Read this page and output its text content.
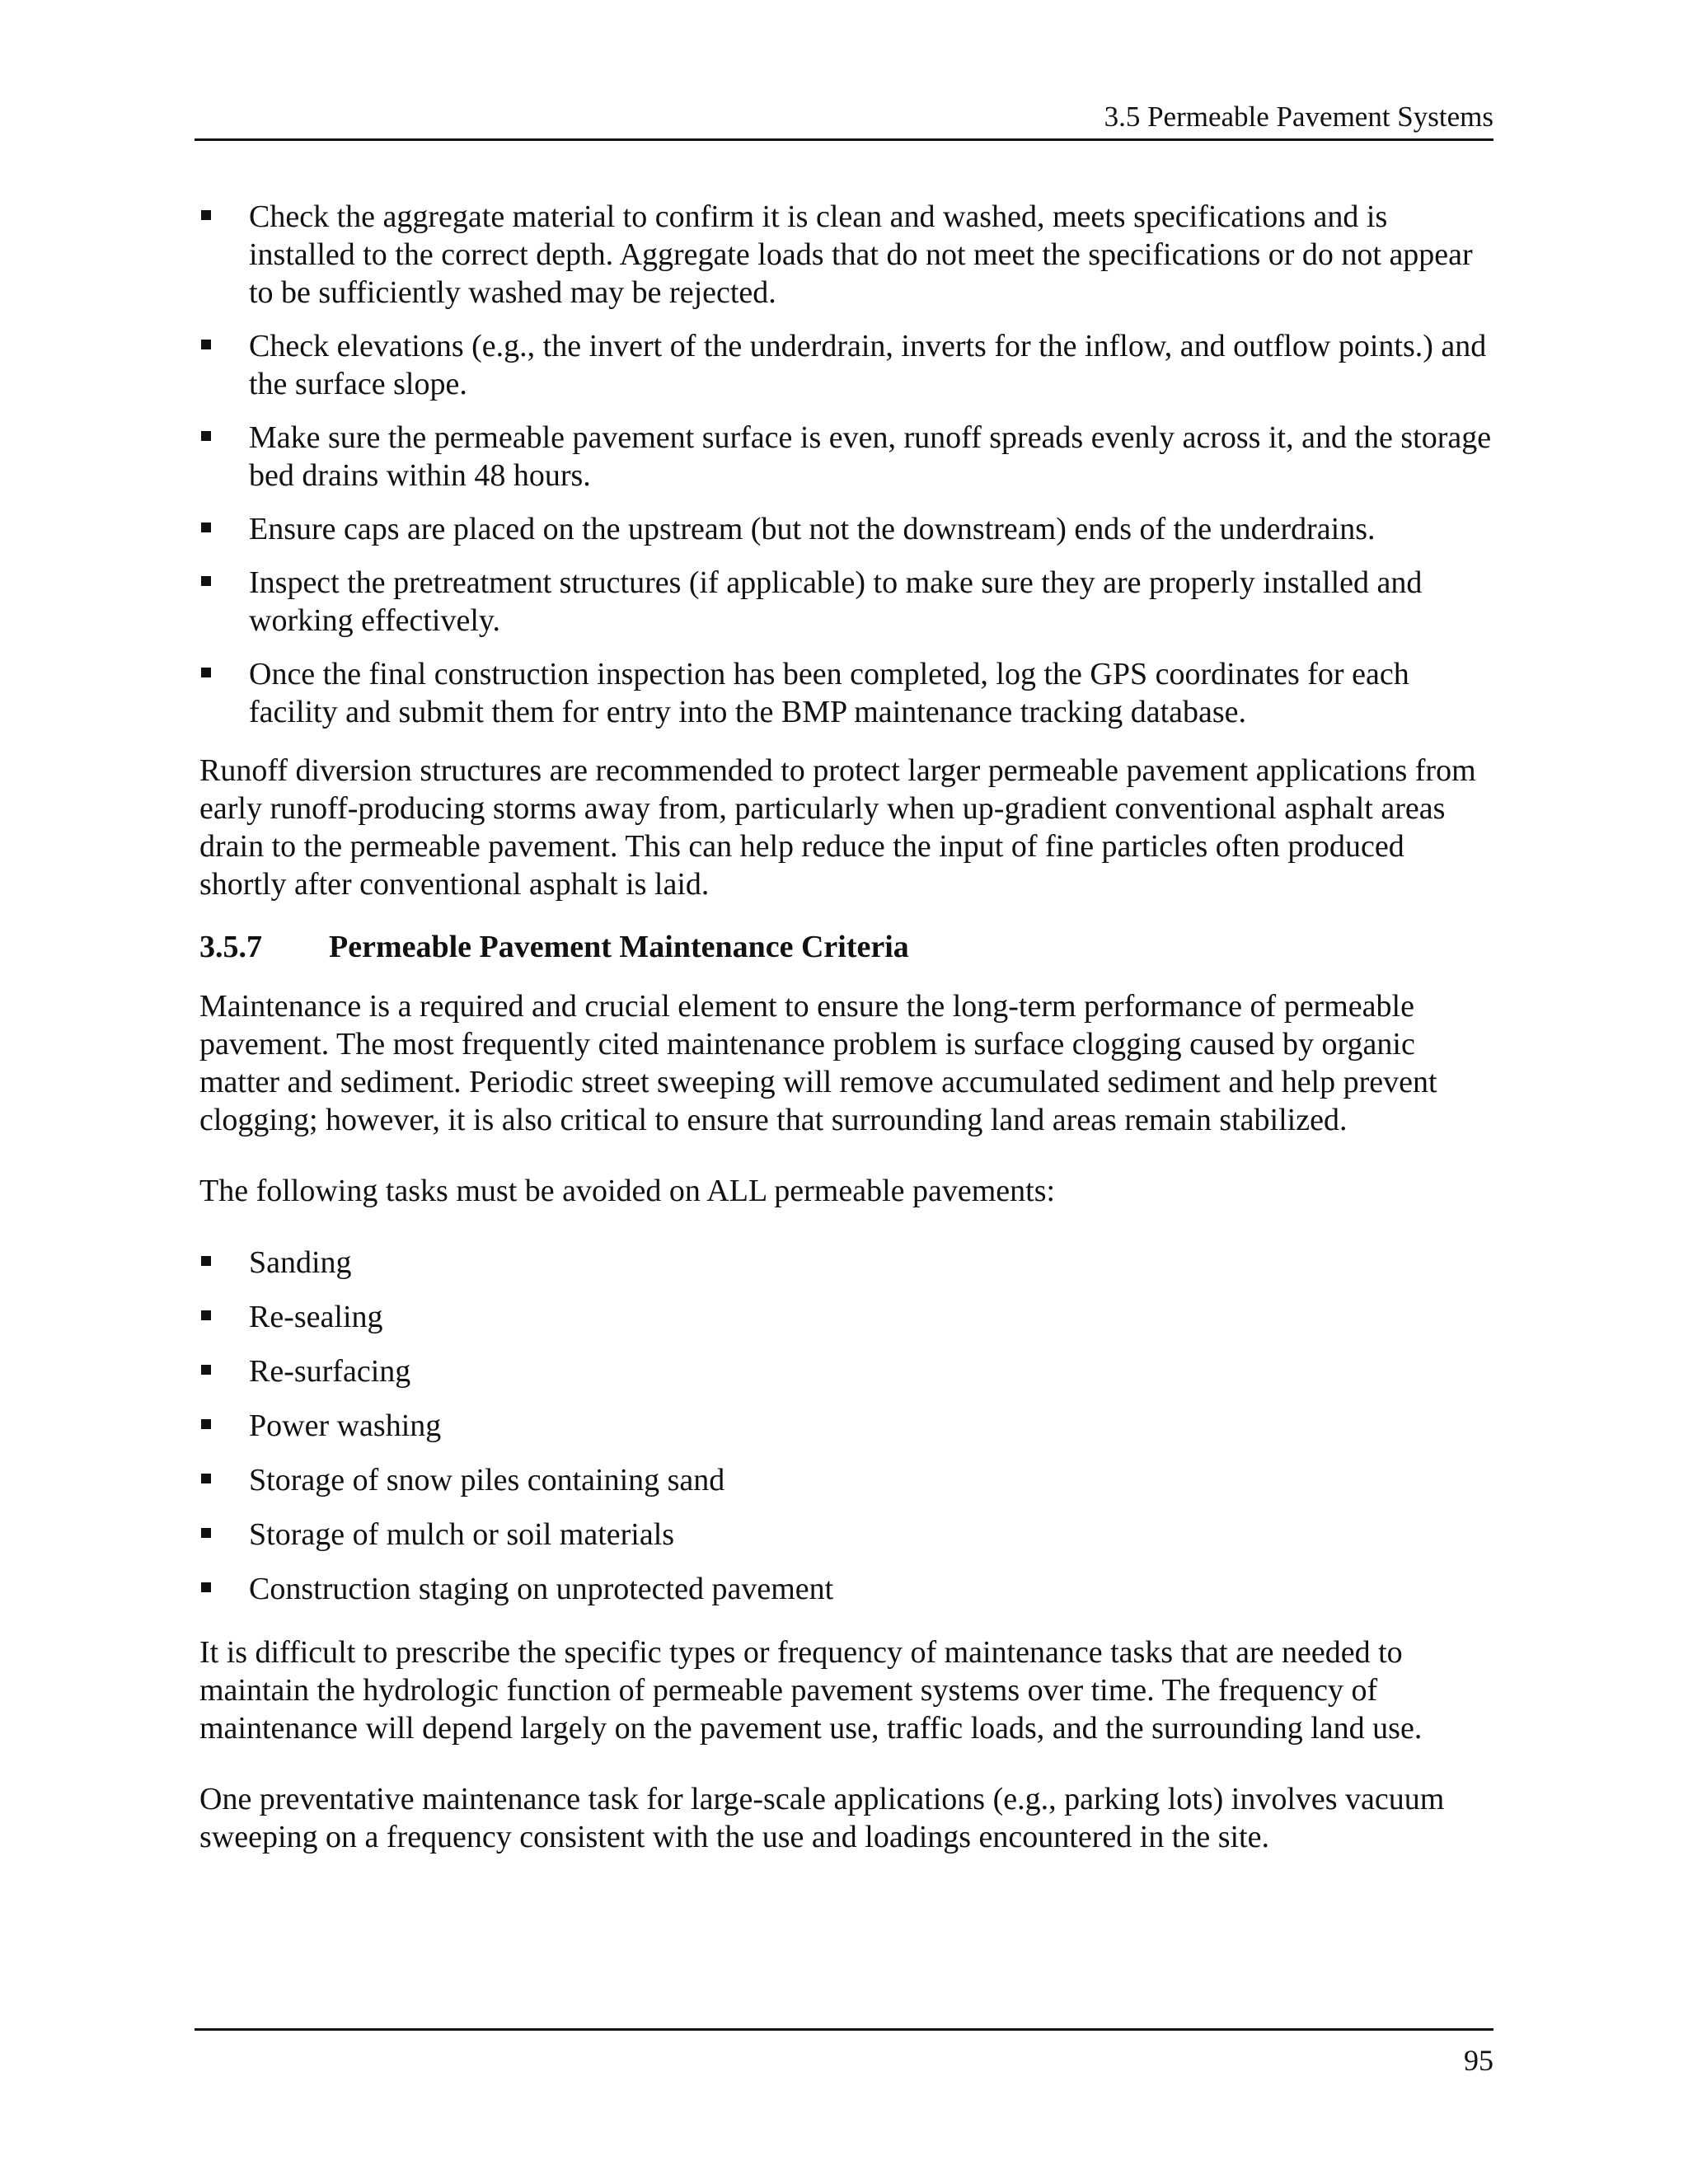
3.5 Permeable Pavement Systems
Check the aggregate material to confirm it is clean and washed, meets specifications and is installed to the correct depth. Aggregate loads that do not meet the specifications or do not appear to be sufficiently washed may be rejected.
Check elevations (e.g., the invert of the underdrain, inverts for the inflow, and outflow points.) and the surface slope.
Make sure the permeable pavement surface is even, runoff spreads evenly across it, and the storage bed drains within 48 hours.
Ensure caps are placed on the upstream (but not the downstream) ends of the underdrains.
Inspect the pretreatment structures (if applicable) to make sure they are properly installed and working effectively.
Once the final construction inspection has been completed, log the GPS coordinates for each facility and submit them for entry into the BMP maintenance tracking database.

Runoff diversion structures are recommended to protect larger permeable pavement applications from early runoff-producing storms away from, particularly when up-gradient conventional asphalt areas drain to the permeable pavement. This can help reduce the input of fine particles often produced shortly after conventional asphalt is laid.

3.5.7 Permeable Pavement Maintenance Criteria

Maintenance is a required and crucial element to ensure the long-term performance of permeable pavement. The most frequently cited maintenance problem is surface clogging caused by organic matter and sediment. Periodic street sweeping will remove accumulated sediment and help prevent clogging; however, it is also critical to ensure that surrounding land areas remain stabilized.

The following tasks must be avoided on ALL permeable pavements:

Sanding
Re-sealing
Re-surfacing
Power washing
Storage of snow piles containing sand
Storage of mulch or soil materials
Construction staging on unprotected pavement

It is difficult to prescribe the specific types or frequency of maintenance tasks that are needed to maintain the hydrologic function of permeable pavement systems over time. The frequency of maintenance will depend largely on the pavement use, traffic loads, and the surrounding land use.

One preventative maintenance task for large-scale applications (e.g., parking lots) involves vacuum sweeping on a frequency consistent with the use and loadings encountered in the site.

95
